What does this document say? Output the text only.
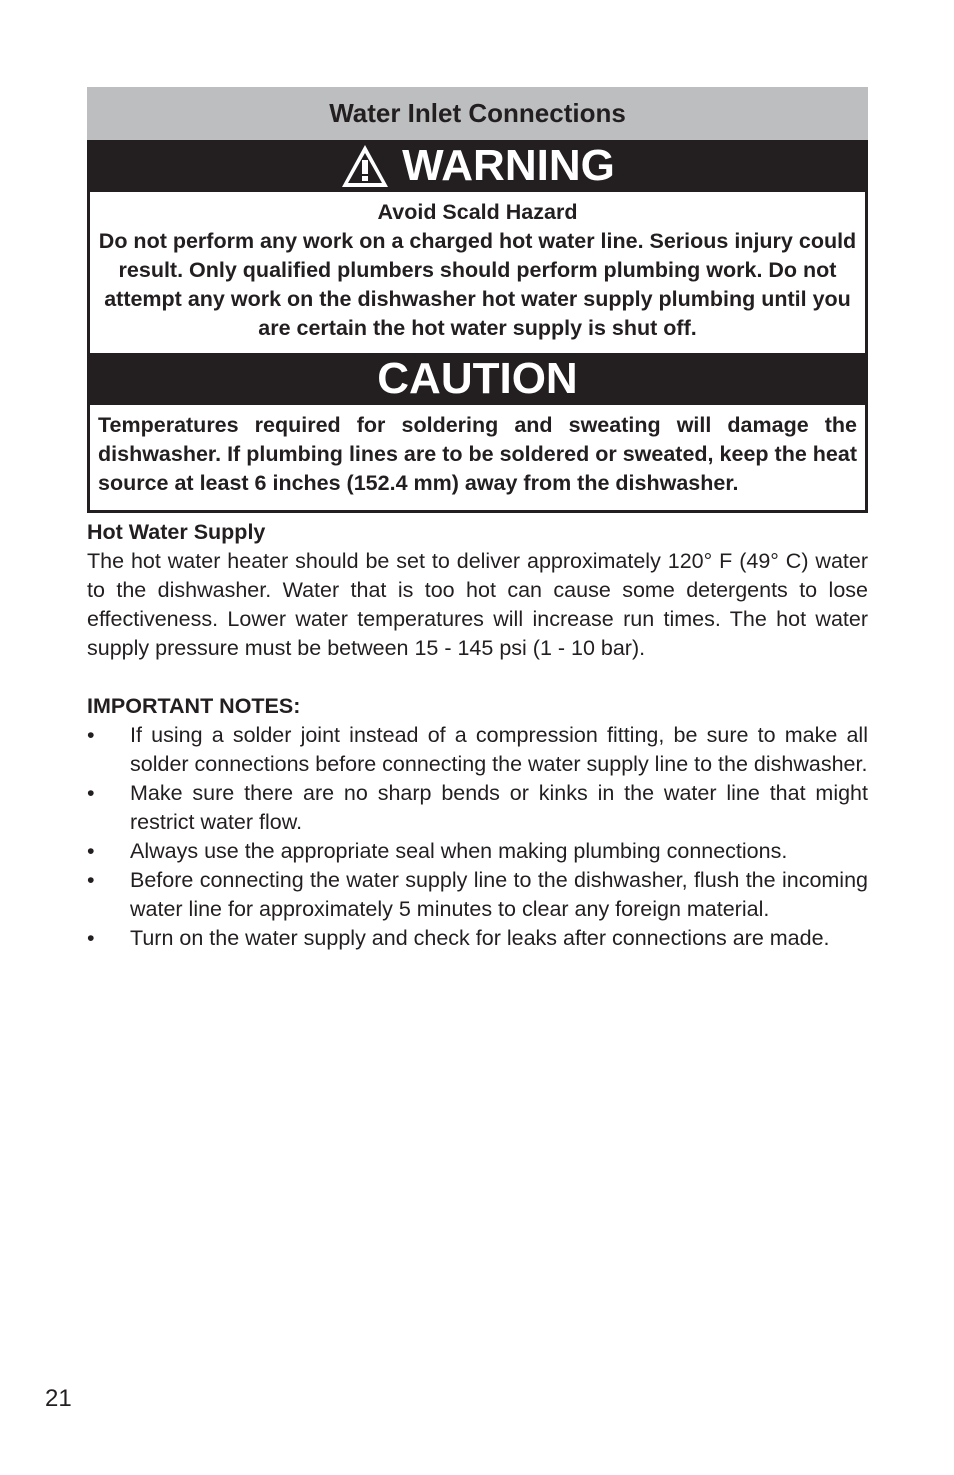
Water Inlet Connections
WARNING
Avoid Scald Hazard
Do not perform any work on a charged hot water line. Serious injury could result. Only qualified plumbers should perform plumbing work. Do not attempt any work on the dishwasher hot water supply plumbing until you are certain the hot water supply is shut off.
CAUTION
Temperatures required for soldering and sweating will damage the dishwasher. If plumbing lines are to be soldered or sweated, keep the heat source at least 6 inches (152.4 mm) away from the dishwasher.
Hot Water Supply

The hot water heater should be set to deliver approximately 120° F (49° C) water to the dishwasher. Water that is too hot can cause some detergents to lose effectiveness. Lower water temperatures will increase run times. The hot water supply pressure must be between 15 - 145 psi (1 - 10 bar).

IMPORTANT NOTES:
• If using a solder joint instead of a compression fitting, be sure to make all solder connections before connecting the water supply line to the dishwasher.
• Make sure there are no sharp bends or kinks in the water line that might restrict water flow.
• Always use the appropriate seal when making plumbing connections.
• Before connecting the water supply line to the dishwasher, flush the incoming water line for approximately 5 minutes to clear any foreign material.
• Turn on the water supply and check for leaks after connections are made.
21
